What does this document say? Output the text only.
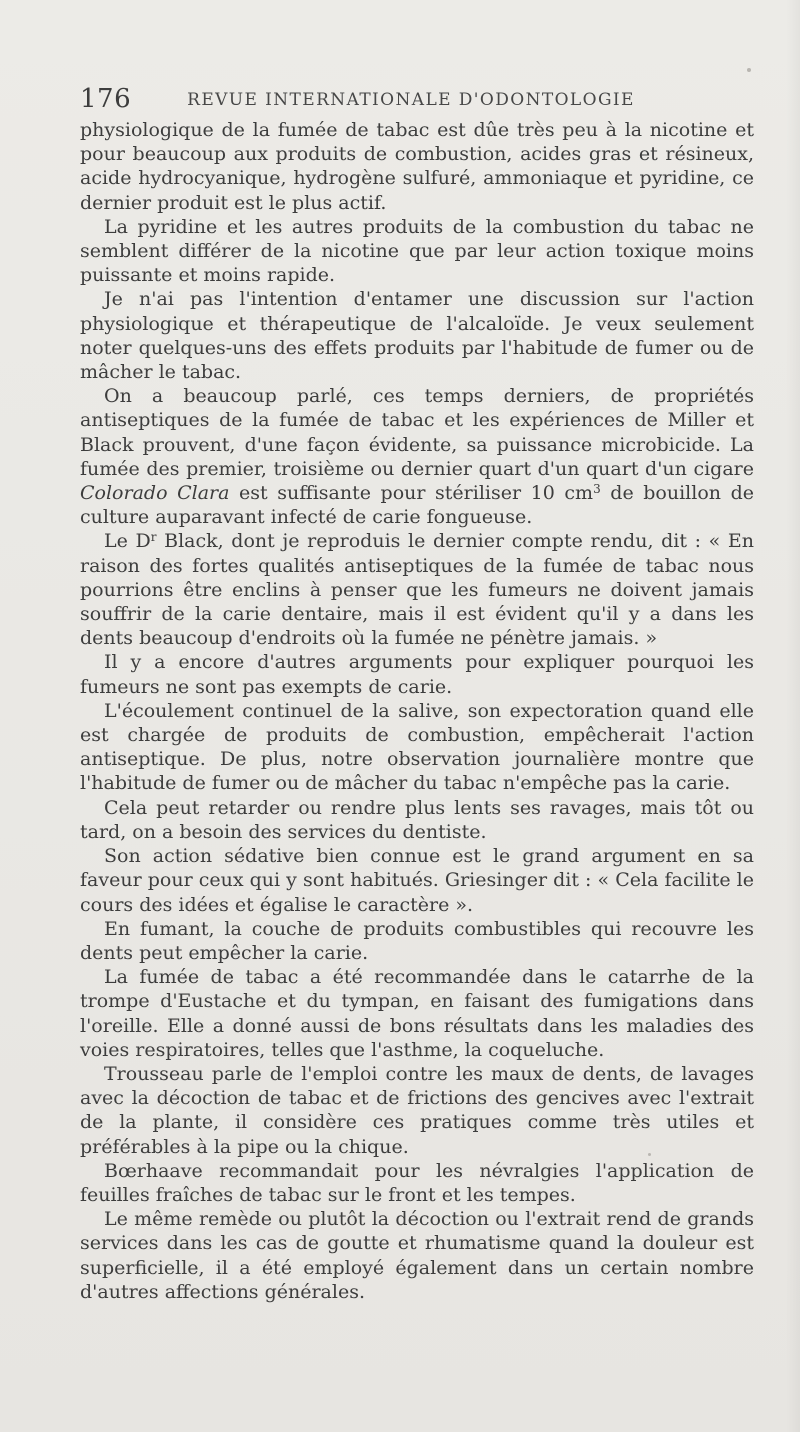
176	REVUE INTERNATIONALE D'ODONTOLOGIE

physiologique de la fumée de tabac est dûe très peu à la nicotine et pour beaucoup aux produits de combustion, acides gras et résineux, acide hydrocyanique, hydrogène sulfuré, ammoniaque et pyridine, ce dernier produit est le plus actif.

La pyridine et les autres produits de la combustion du tabac ne semblent différer de la nicotine que par leur action toxique moins puissante et moins rapide.

Je n'ai pas l'intention d'entamer une discussion sur l'action physiologique et thérapeutique de l'alcaloïde. Je veux seulement noter quelques-uns des effets produits par l'habitude de fumer ou de mâcher le tabac.

On a beaucoup parlé, ces temps derniers, de propriétés antiseptiques de la fumée de tabac et les expériences de Miller et Black prouvent, d'une façon évidente, sa puissance microbicide. La fumée des premier, troisième ou dernier quart d'un quart d'un cigare Colorado Clara est suffisante pour stériliser 10 $cm^3$ de bouillon de culture auparavant infecté de carie fongueuse.

Le $D^r$ Black, dont je reproduis le dernier compte rendu, dit : « En raison des fortes qualités antiseptiques de la fumée de tabac nous pourrions être enclins à penser que les fumeurs ne doivent jamais souffrir de la carie dentaire, mais il est évident qu'il y a dans les dents beaucoup d'endroits où la fumée ne pénètre jamais. »

Il y a encore d'autres arguments pour expliquer pourquoi les fumeurs ne sont pas exempts de carie.

L'écoulement continuel de la salive, son expectoration quand elle est chargée de produits de combustion, empêcherait l'action antiseptique. De plus, notre observation journalière montre que l'habitude de fumer ou de mâcher du tabac n'empêche pas la carie.

Cela peut retarder ou rendre plus lents ses ravages, mais tôt ou tard, on a besoin des services du dentiste.

Son action sédative bien connue est le grand argument en sa faveur pour ceux qui y sont habitués. Griesinger dit : « Cela facilite le cours des idées et égalise le caractère ».

En fumant, la couche de produits combustibles qui recouvre les dents peut empêcher la carie.

La fumée de tabac a été recommandée dans le catarrhe de la trompe d'Eustache et du tympan, en faisant des fumigations dans l'oreille. Elle a donné aussi de bons résultats dans les maladies des voies respiratoires, telles que l'asthme, la coqueluche.

Trousseau parle de l'emploi contre les maux de dents, de lavages avec la décoction de tabac et de frictions des gencives avec l'extrait de la plante, il considère ces pratiques comme très utiles et préférables à la pipe ou la chique.

Bœrhaave recommandait pour les névralgies l'application de feuilles fraîches de tabac sur le front et les tempes.

Le même remède ou plutôt la décoction ou l'extrait rend de grands services dans les cas de goutte et rhumatisme quand la douleur est superficielle, il a été employé également dans un certain nombre d'autres affections générales.
